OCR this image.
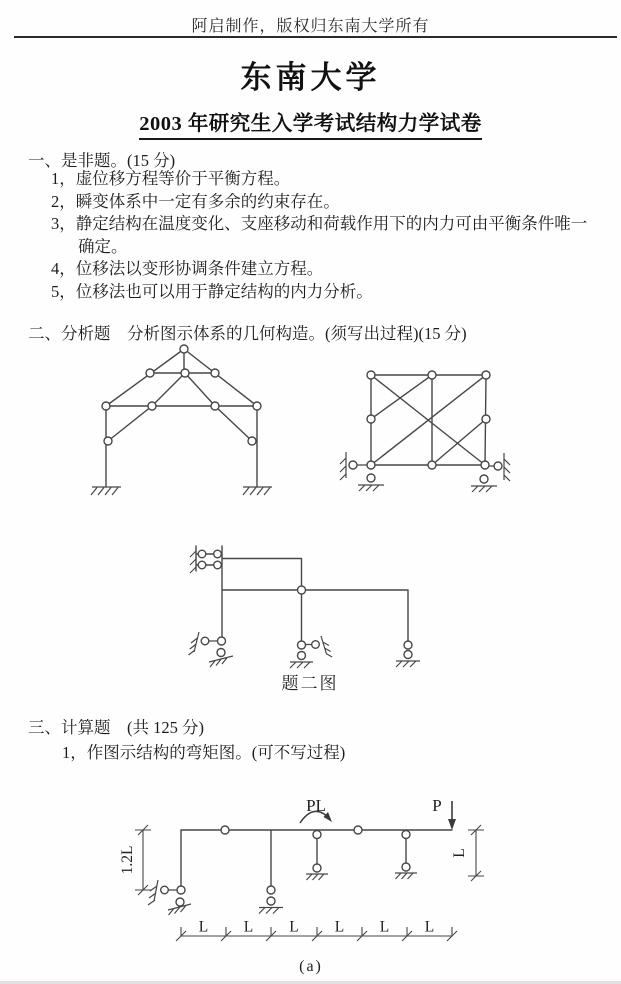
阿启制作，版权归东南大学所有
东南大学
2003 年研究生入学考试结构力学试卷
一、是非题。(15 分)
1，虚位移方程等价于平衡方程。
2，瞬变体系中一定有多余的约束存在。
3，静定结构在温度变化、支座移动和荷载作用下的内力可由平衡条件唯一确定。
4，位移法以变形协调条件建立方程。
5，位移法也可以用于静定结构的内力分析。
二、分析题　分析图示体系的几何构造。(须写出过程)(15 分)
题二图
三、计算题　(共 125 分)
1，作图示结构的弯矩图。(可不写过程)
PL	P
1.2L	L
L L L L L L
(a)
